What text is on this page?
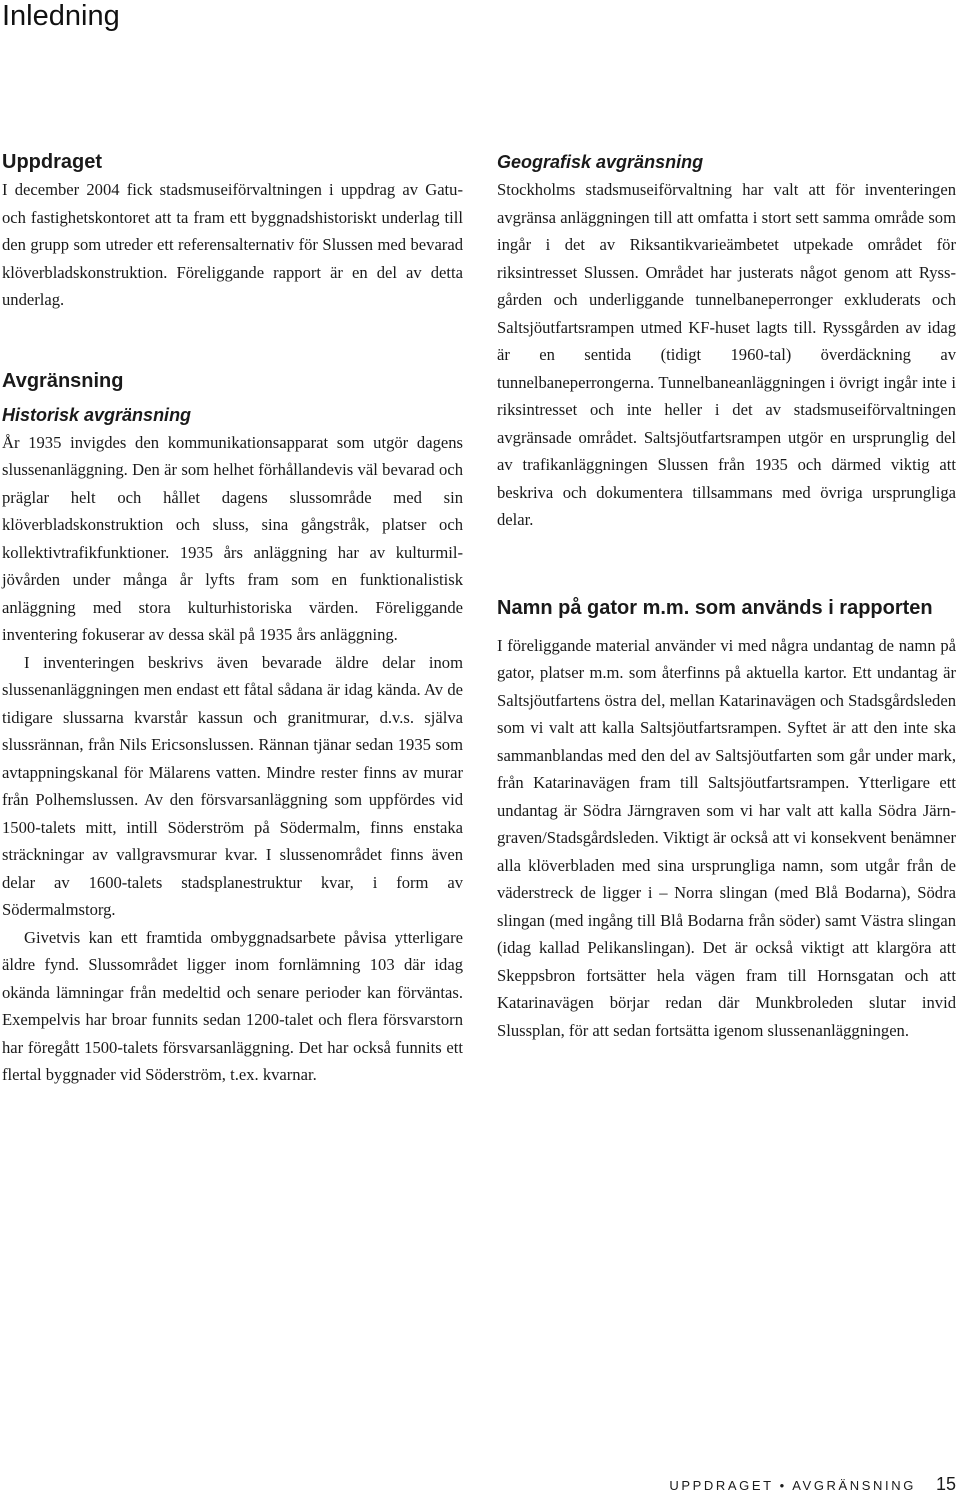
Inledning
Uppdraget

I december 2004 fick stadsmuseiförvaltningen i uppdrag av Gatu- och fastighetskontoret att ta fram ett byggnadshistoriskt underlag till den grupp som utreder ett referensalternativ för Slussen med bevarad klöverbladskonstruktion. Föreliggande rapport är en del av detta underlag.

Avgränsning
Historisk avgränsning

År 1935 invigdes den kommunikationsapparat som utgör dagens slussenanläggning. Den är som helhet förhållandevis väl bevarad och präglar helt och hållet dagens slussområde med sin klöverbladskonstruktion och sluss, sina gångstråk, platser och kollektivtrafikfunktioner. 1935 års anläggning har av kulturmiljövården under många år lyfts fram som en funktionalistisk anläggning med stora kulturhistoriska värden. Föreliggande inventering fokuserar av dessa skäl på 1935 års anläggning.

I inventeringen beskrivs även bevarade äldre delar inom slussenanläggningen men endast ett fåtal sådana är idag kända. Av de tidigare slussarna kvarstår kassun och granitmurar, d.v.s. själva slussrännan, från Nils Ericsonslussen. Rännan tjänar sedan 1935 som avtappningskanal för Mälarens vatten. Mindre rester finns av murar från Polhemslussen. Av den försvarsanläggning som uppfördes vid 1500-talets mitt, intill Söderström på Södermalm, finns enstaka sträckningar av vallgravsmurar kvar. I slussenområdet finns även delar av 1600-talets stadsplanestruktur kvar, i form av Södermalmstorg.

Givetvis kan ett framtida ombyggnadsarbete påvisa ytterligare äldre fynd. Slussområdet ligger inom fornlämning 103 där idag okända lämningar från medeltid och senare perioder kan förväntas. Exempelvis har broar funnits sedan 1200-talet och flera försvarstorn har föregått 1500-talets försvarsanläggning. Det har också funnits ett flertal byggnader vid Söderström, t.ex. kvarnar.

Geografisk avgränsning

Stockholms stadsmuseiförvaltning har valt att för inventeringen avgränsa anläggningen till att omfatta i stort sett samma område som ingår i det av Riksantikvarieämbetet utpekade området för riksintresset Slussen. Området har justerats något genom att Ryssgården och underliggande tunnelbaneperronger exkluderats och Saltsjöutfartsrampen utmed KF-huset lagts till. Ryssgården av idag är en sentida (tidigt 1960-tal) överdäckning av tunnelbaneperrongerna. Tunnelbaneanläggningen i övrigt ingår inte i riksintresset och inte heller i det av stadsmuseiförvaltningen avgränsade området. Saltsjöutfartsrampen utgör en ursprunglig del av trafikanläggningen Slussen från 1935 och därmed viktig att beskriva och dokumentera tillsammans med övriga ursprungliga delar.

Namn på gator m.m. som används i rapporten

I föreliggande material använder vi med några undantag de namn på gator, platser m.m. som återfinns på aktuella kartor. Ett undantag är Saltsjöutfartens östra del, mellan Katarinavägen och Stadsgårdsleden som vi valt att kalla Saltsjöutfartsrampen. Syftet är att den inte ska sammanblandas med den del av Saltsjöutfarten som går under mark, från Katarinavägen fram till Saltsjöutfartsrampen. Ytterligare ett undantag är Södra Järngraven som vi har valt att kalla Södra Järngraven/Stadsgårdsleden. Viktigt är också att vi konsekvent benämner alla klöverbladen med sina ursprungliga namn, som utgår från de väderstreck de ligger i – Norra slingan (med Blå Bodarna), Södra slingan (med ingång till Blå Bodarna från söder) samt Västra slingan (idag kallad Pelikanslingan). Det är också viktigt att klargöra att Skeppsbron fortsätter hela vägen fram till Hornsgatan och att Katarinavägen börjar redan där Munkbroleden slutar invid Slussplan, för att sedan fortsätta igenom slussenanläggningen.

UPPDRAGET • AVGRÄNSNING 15
